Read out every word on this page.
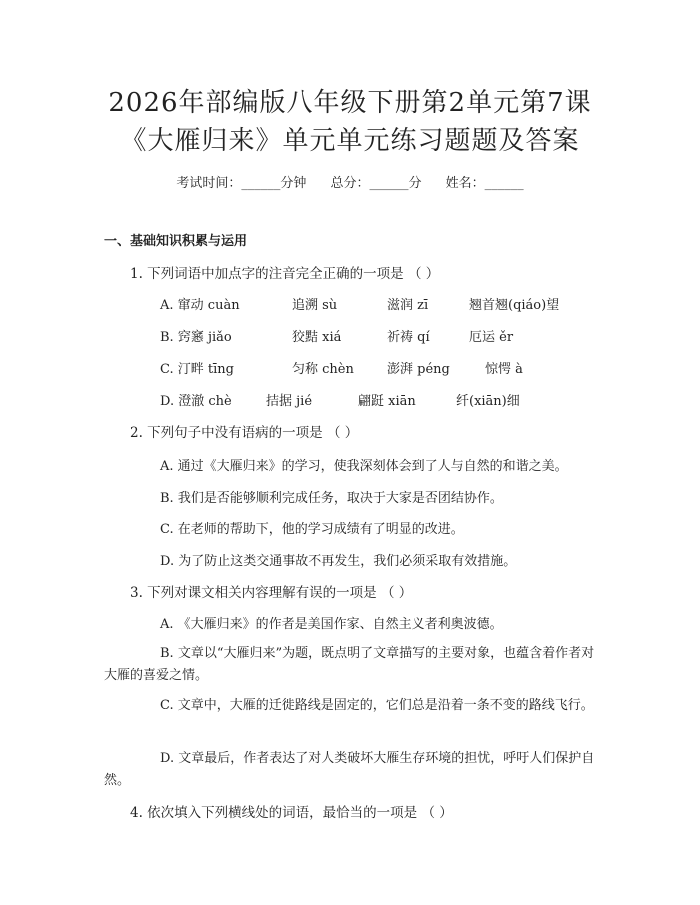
2026年部编版八年级下册第2单元第7课
《大雁归来》单元单元练习题题及答案
考试时间：______分钟 总分：______分 姓名：______
一、基础知识积累与运用
1. 下列词语中加点字的注音完全正确的一项是 （ ）
A. 窜动 cuàn	追溯 sù	滋润 zī	翘首翘(qiáo)望
B. 窍窸 jiǎo	狡黠 xiá	祈祷 qí	厄运 ěr
C. 汀畔 tīng	匀称 chèn	澎湃 péng	惊愕 à
D. 澄澈 chè	拮据 jié	翩跹 xiān	纤(xiān)细
2. 下列句子中没有语病的一项是 （ ）
A. 通过《大雁归来》的学习，使我深刻体会到了人与自然的和谐之美。
B. 我们是否能够顺利完成任务，取决于大家是否团结协作。
C. 在老师的帮助下，他的学习成绩有了明显的改进。
D. 为了防止这类交通事故不再发生，我们必须采取有效措施。
3. 下列对课文相关内容理解有误的一项是 （ ）
A. 《大雁归来》的作者是美国作家、自然主义者利奥波德。
B. 文章以“大雁归来”为题，既点明了文章描写的主要对象，也蕴含着作者对大雁的喜爱之情。
C. 文章中，大雁的迁徙路线是固定的，它们总是沿着一条不变的路线飞行。
D. 文章最后，作者表达了对人类破坏大雁生存环境的担忧，呼吁人们保护自然。
4. 依次填入下列横线处的词语，最恰当的一项是 （ ）
